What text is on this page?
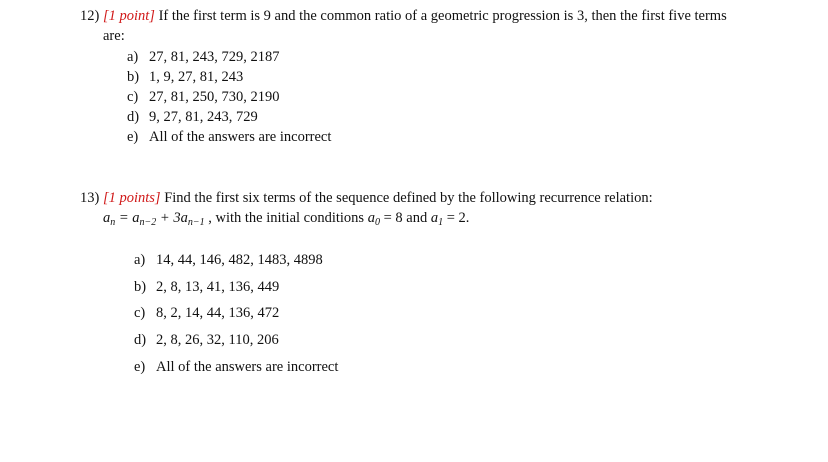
12) [1 point] If the first term is 9 and the common ratio of a geometric progression is 3, then the first five terms
are:
a) 27, 81, 243, 729, 2187
b) 1, 9, 27, 81, 243
c) 27, 81, 250, 730, 2190
d) 9, 27, 81, 243, 729
e) All of the answers are incorrect
13) [1 points] Find the first six terms of the sequence defined by the following recurrence relation:
$a_n = a_{n-2} + 3a_{n-1}$ , with the initial conditions $a_0 = 8$ and $a_1 = 2$.
a) 14, 44, 146, 482, 1483, 4898
b) 2, 8, 13, 41, 136, 449
c) 8, 2, 14, 44, 136, 472
d) 2, 8, 26, 32, 110, 206
e) All of the answers are incorrect
